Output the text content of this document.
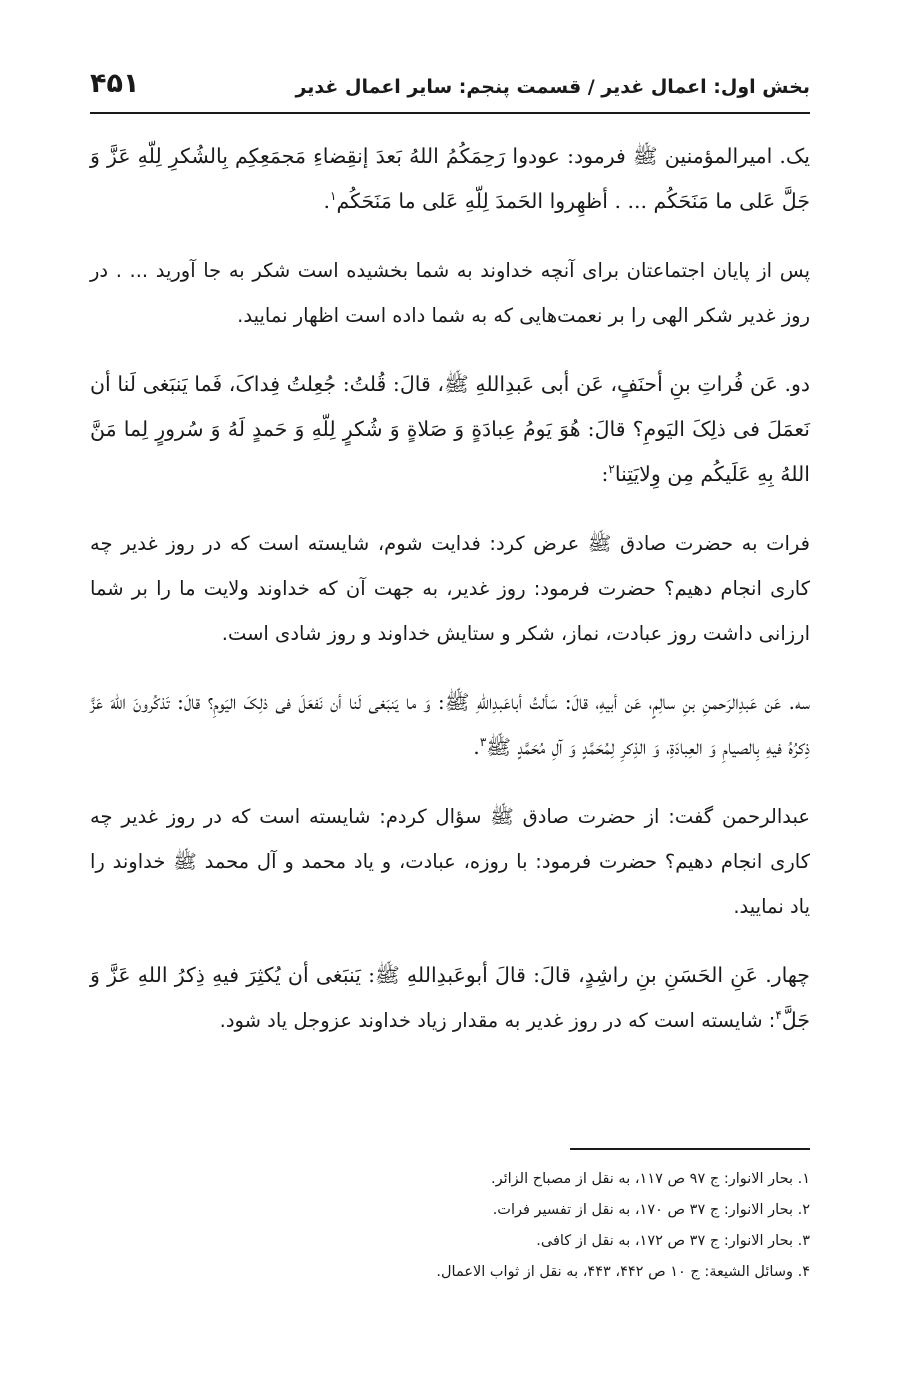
بخش اول: اعمال غدیر / قسمت پنجم: سایر اعمال غدیر
۴۵۱

یک. امیرالمؤمنین ﷺ فرمود: عودوا رَحِمَکُمُ اللهُ بَعدَ إنقِضاءِ مَجمَعِکِم بِالشُکرِ لِلّهِ عَزَّ وَ جَلَّ عَلی ما مَنَحَکُم ... . أظهِروا الحَمدَ لِلّهِ عَلی ما مَنَحَکُم$^۱$.

پس از پایان اجتماعتان برای آنچه خداوند به شما بخشیده است شکر به جا آورید ... . در روز غدیر شکر الهی را بر نعمت‌هایی که به شما داده است اظهار نمایید.

دو. عَن فُراتِ بنِ أحنَفٍ، عَن أبی عَبدِاللهِ ﷺ، قالَ: قُلتُ: جُعِلتُ فِداکَ، فَما یَنبَغی لَنا أن نَعمَلَ فی ذلِکَ الیَومِ؟ قالَ: هُوَ یَومُ عِبادَةٍ وَ صَلاةٍ وَ شُکرٍ لِلّهِ وَ حَمدٍ لَهُ وَ سُرورٍ لِما مَنَّ اللهُ بِهِ عَلَیکُم مِن وِلایَتِنا$^۲$:

فرات به حضرت صادق ﷺ عرض کرد: فدایت شوم، شایسته است که در روز غدیر چه کاری انجام دهیم؟ حضرت فرمود: روز غدیر، به جهت آن که خداوند ولایت ما را بر شما ارزانی داشت روز عبادت، نماز، شکر و ستایش خداوند و روز شادی است.

سه. عَن عَبدِالرَحمنِ بنِ سالِمٍ، عَن أبیهِ، قالَ: سَألتُ أباعَبدِاللهِ ﷺ: وَ ما یَنبَغی لَنا أن نَفعَلَ فی ذلِکَ الیَومِ؟ قالَ: تَذکُرونَ اللهَ عَزَّ ذِکرُهُ فیهِ بِالصیامِ وَ العِبادَةِ، وَ الذِکرِ لِمُحَمَّدٍ وَ آلِ مُحَمَّدٍ ﷺ$^۳$.

عبدالرحمن گفت: از حضرت صادق ﷺ سؤال کردم: شایسته است که در روز غدیر چه کاری انجام دهیم؟ حضرت فرمود: با روزه، عبادت، و یاد محمد و آل محمد ﷺ خداوند را یاد نمایید.

چهار. عَنِ الحَسَنِ بنِ راشِدٍ، قالَ: قالَ أبوعَبدِاللهِ ﷺ: یَنبَغی أن یُکثِرَ فیهِ ذِکرُ اللهِ عَزَّ وَ جَلَّ$^۴$: شایسته است که در روز غدیر به مقدار زیاد خداوند عزوجل یاد شود.

۱. بحار الانوار: ج ۹۷ ص ۱۱۷، به نقل از مصباح الزائر.
۲. بحار الانوار: ج ۳۷ ص ۱۷۰، به نقل از تفسیر فرات.
۳. بحار الانوار: ج ۳۷ ص ۱۷۲، به نقل از کافی.
۴. وسائل الشیعة: ج ۱۰ ص ۴۴۲، ۴۴۳، به نقل از ثواب الاعمال.
